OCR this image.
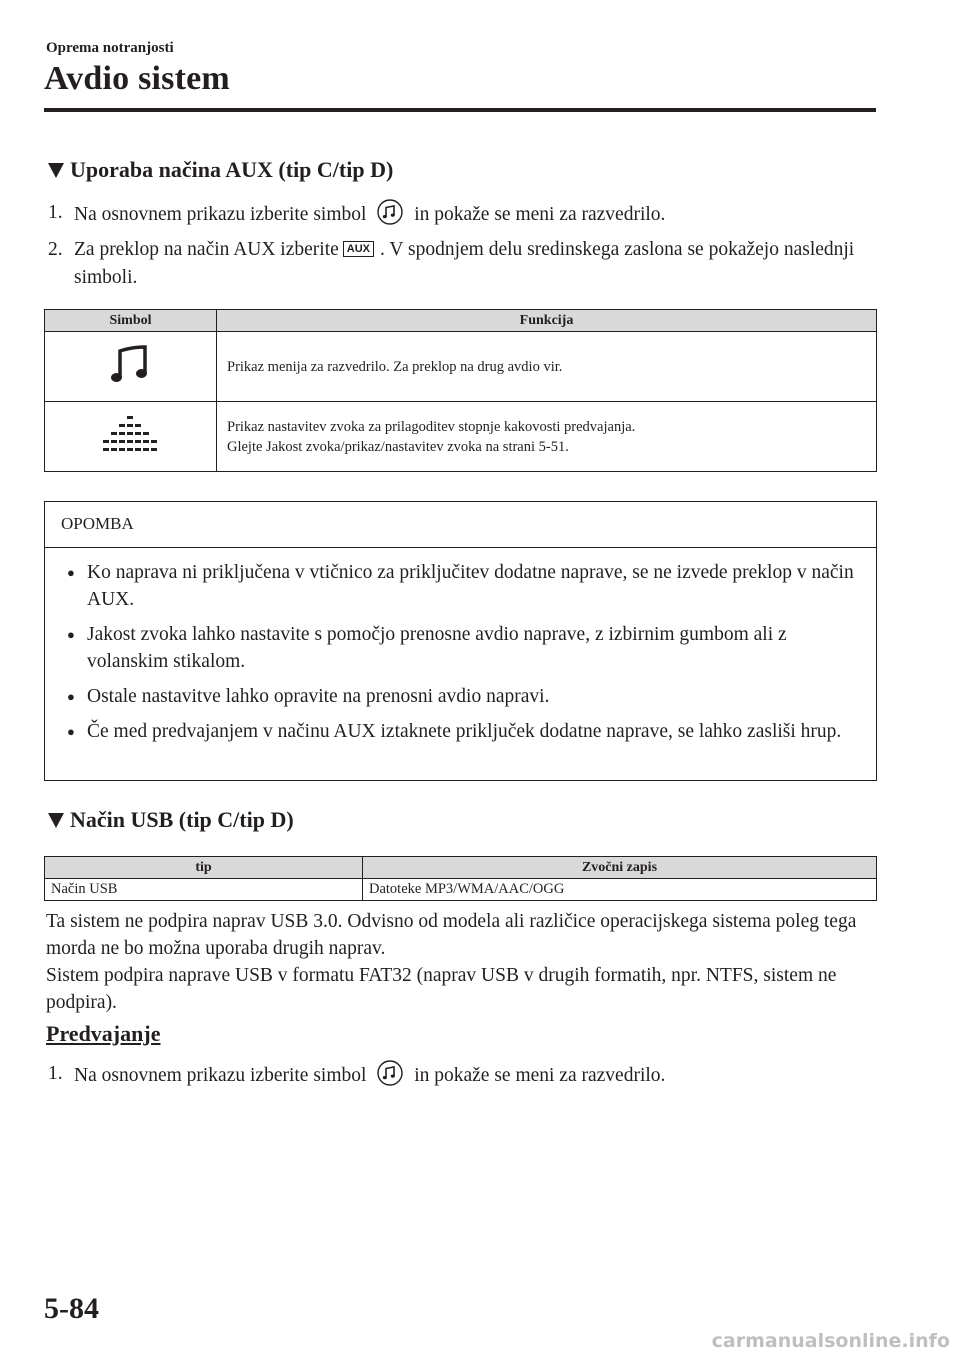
Oprema notranjosti
Avdio sistem
Uporaba načina AUX (tip C/tip D)
1. Na osnovnem prikazu izberite simbol in pokaže se meni za razvedrilo.
2. Za preklop na način AUX izberite AUX . V spodnjem delu sredinskega zaslona se pokažejo naslednji simboli.
Simbol	Funkcija

Prikaz menija za razvedrilo. Za preklop na drug avdio vir.

Prikaz nastavitev zvoka za prilagoditev stopnje kakovosti predvajanja.
Glejte Jakost zvoka/prikaz/nastavitev zvoka na strani 5-51.
OPOMBA
● Ko naprava ni priključena v vtičnico za priključitev dodatne naprave, se ne izvede preklop v način AUX.
● Jakost zvoka lahko nastavite s pomočjo prenosne avdio naprave, z izbirnim gumbom ali z volanskim stikalom.
● Ostale nastavitve lahko opravite na prenosni avdio napravi.
● Če med predvajanjem v načinu AUX iztaknete priključek dodatne naprave, se lahko zasliši hrup.
Način USB (tip C/tip D)
tip	Zvočni zapis
Način USB	Datoteke MP3/WMA/AAC/OGG
Ta sistem ne podpira naprav USB 3.0. Odvisno od modela ali različice operacijskega sistema poleg tega morda ne bo možna uporaba drugih naprav.
Sistem podpira naprave USB v formatu FAT32 (naprav USB v drugih formatih, npr. NTFS, sistem ne podpira).
Predvajanje
1. Na osnovnem prikazu izberite simbol in pokaže se meni za razvedrilo.
5-84
carmanualsonline.info
